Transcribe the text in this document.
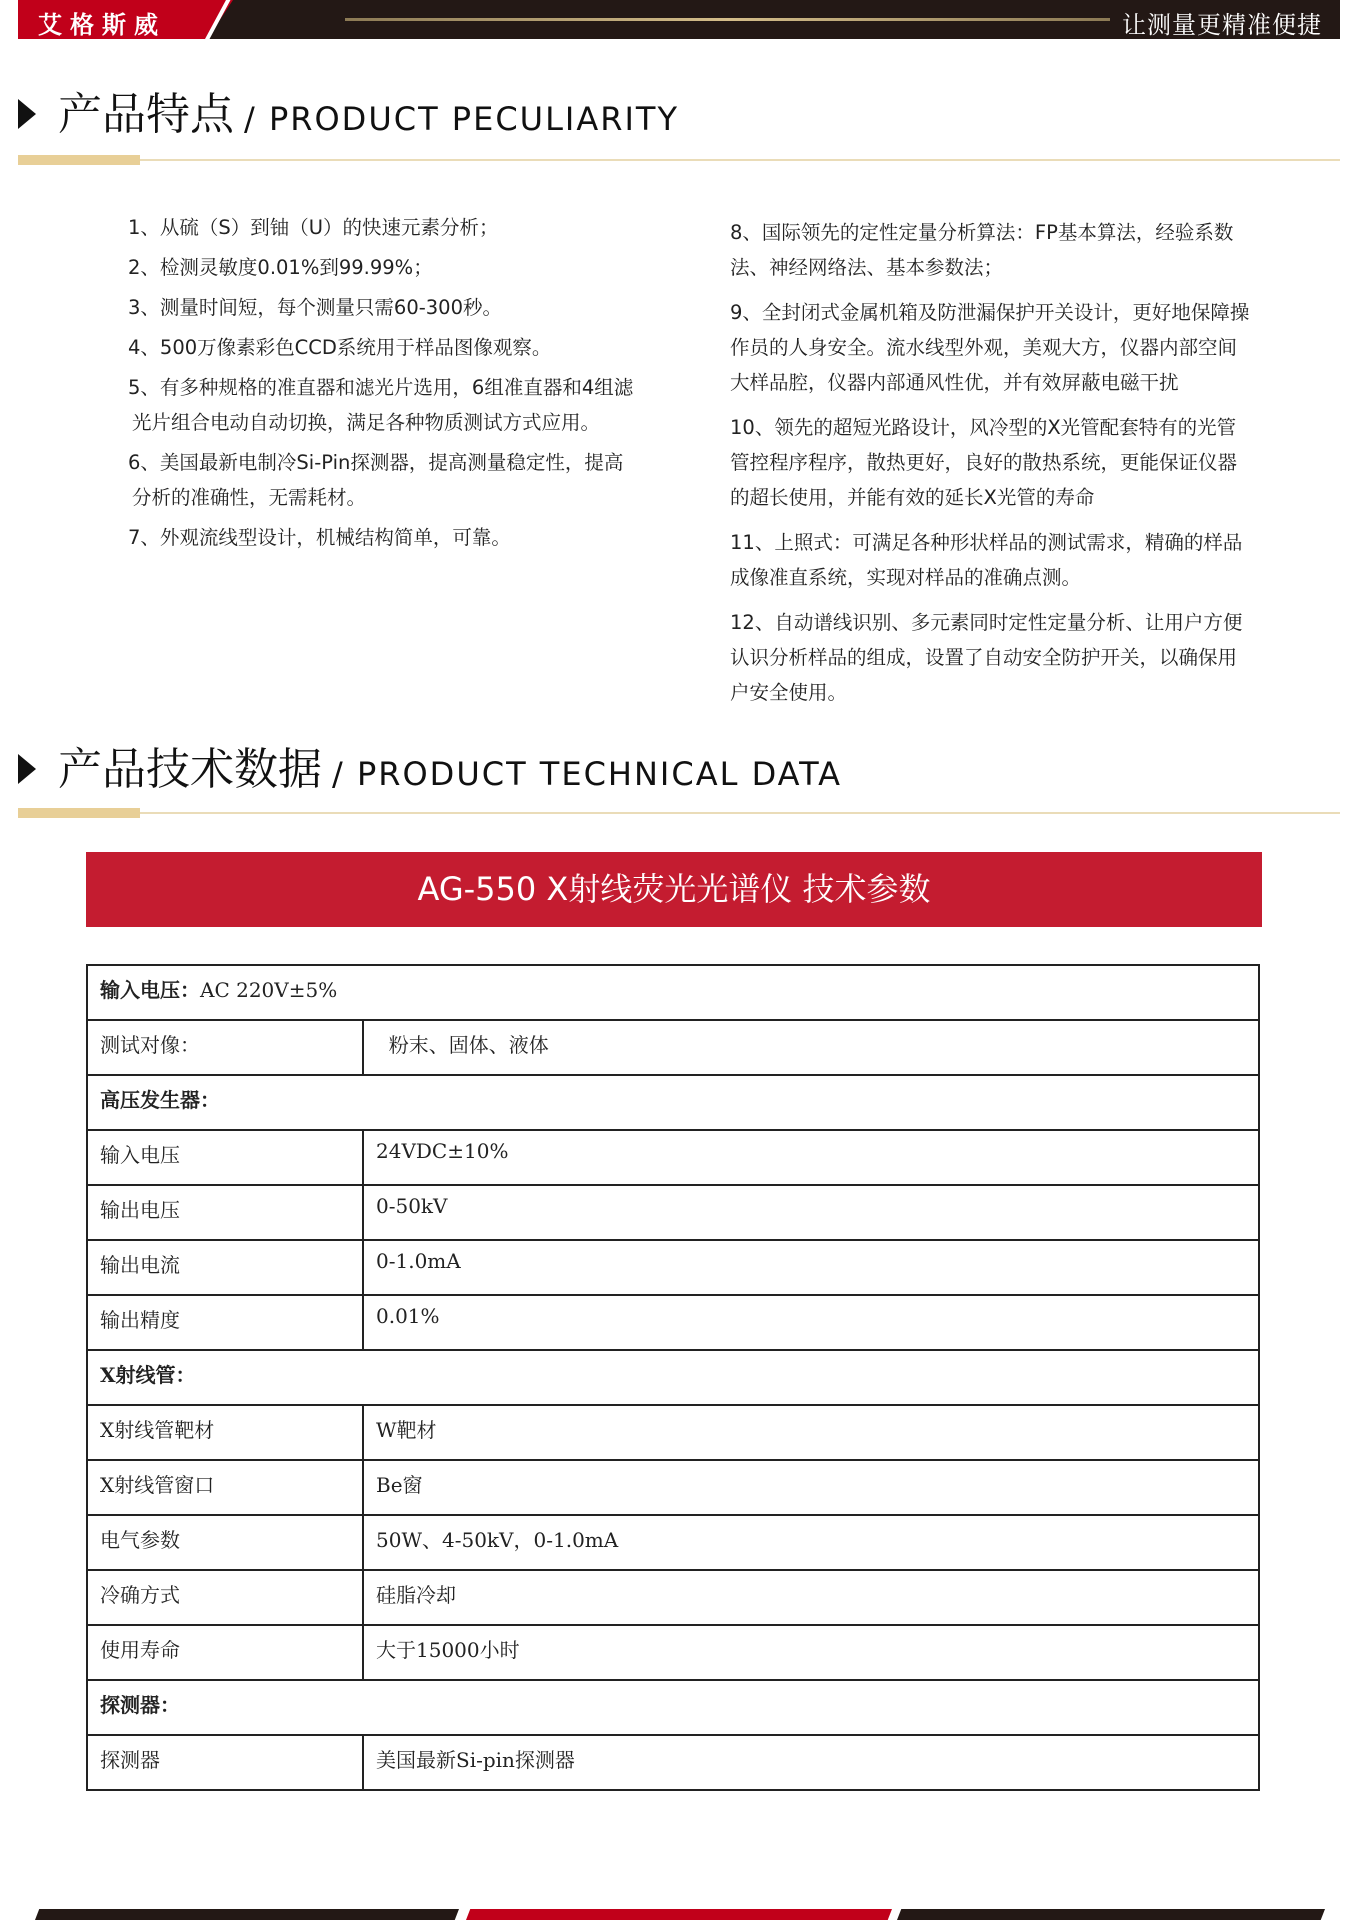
艾格斯威	让测量更精准便捷
产品特点 / PRODUCT PECULIARITY

1、从硫（S）到铀（U）的快速元素分析；

2、检测灵敏度0.01%到99.99%；

3、测量时间短，每个测量只需60-300秒。

4、500万像素彩色CCD系统用于样品图像观察。

5、有多种规格的准直器和滤光片选用，6组准直器和4组滤光片组合电动自动切换，满足各种物质测试方式应用。

6、美国最新电制冷Si-Pin探测器，提高测量稳定性，提高分析的准确性，无需耗材。

7、外观流线型设计，机械结构简单，可靠。

8、国际领先的定性定量分析算法：FP基本算法，经验系数法、神经网络法、基本参数法；

9、全封闭式金属机箱及防泄漏保护开关设计，更好地保障操作员的人身安全。流水线型外观，美观大方，仪器内部空间大样品腔，仪器内部通风性优，并有效屏蔽电磁干扰

10、领先的超短光路设计，风冷型的X光管配套特有的光管管控程序程序，散热更好，良好的散热系统，更能保证仪器的超长使用，并能有效的延长X光管的寿命

11、上照式：可满足各种形状样品的测试需求，精确的样品成像准直系统，实现对样品的准确点测。

12、自动谱线识别、多元素同时定性定量分析、让用户方便认识分析样品的组成，设置了自动安全防护开关，以确保用户安全使用。

产品技术数据 / PRODUCT TECHNICAL DATA
AG-550 X射线荧光光谱仪 技术参数
输入电压：AC 220V±5%	
测试对像：	粉末、固体、液体
高压发生器：	
输入电压	24VDC±10%
输出电压	0-50kV
输出电流	0-1.0mA
输出精度	0.01%
X射线管：	
X射线管靶材	W靶材
X射线管窗口	Be窗
电气参数	50W、4-50kV，0-1.0mA
冷确方式	硅脂冷却
使用寿命	大于15000小时
探测器：	
探测器	美国最新Si-pin探测器
